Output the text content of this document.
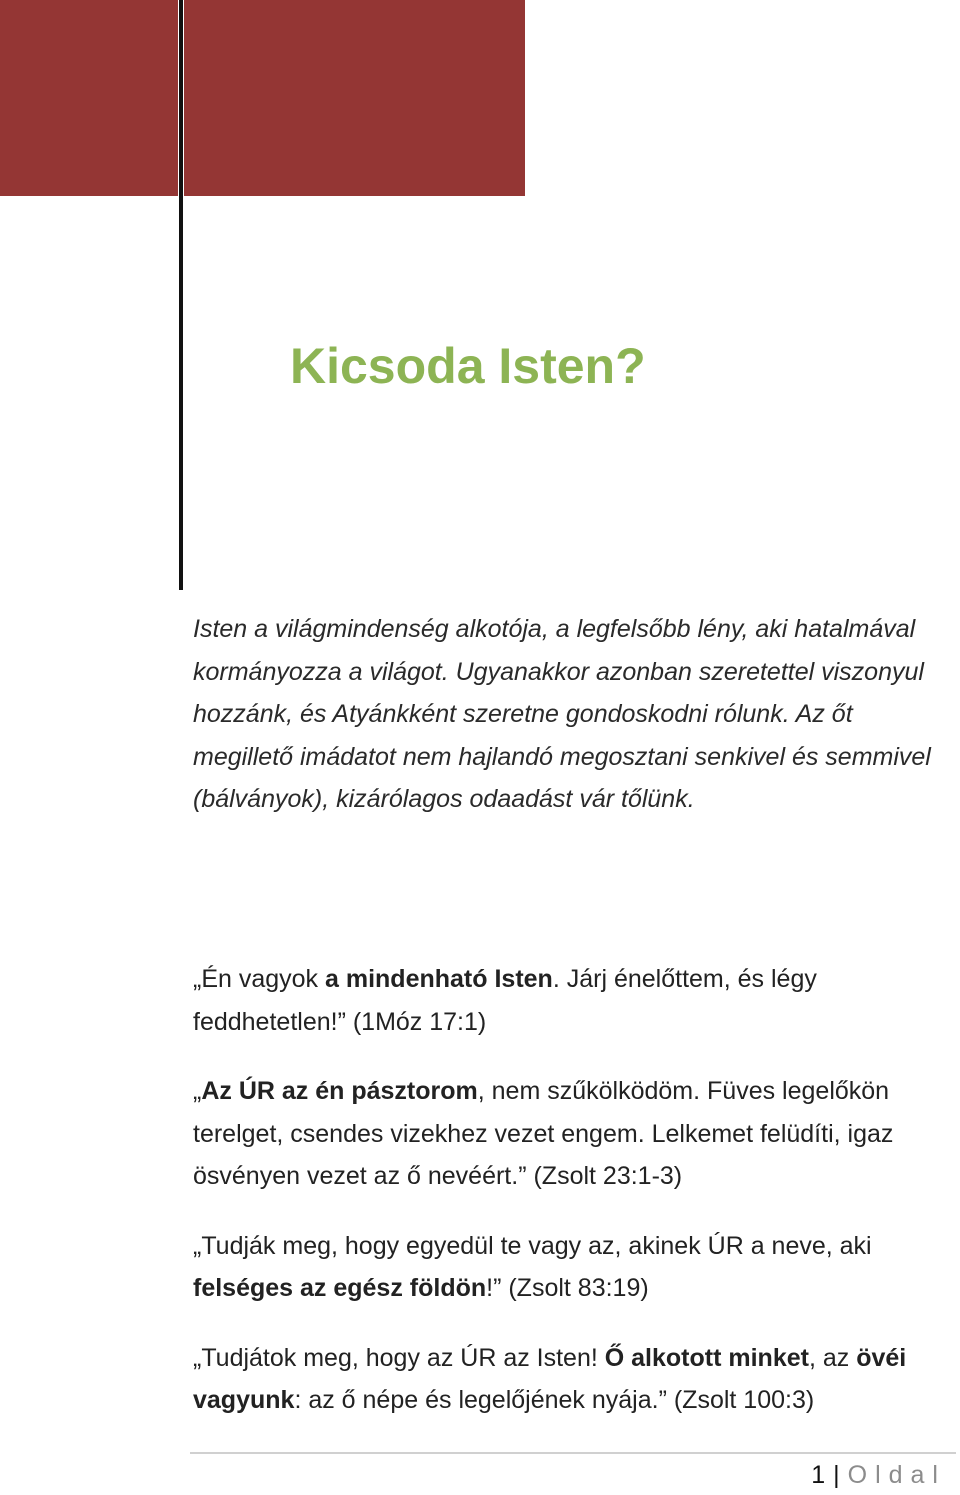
Kicsoda Isten?

Isten a világmindenség alkotója, a legfelsőbb lény, aki hatalmával kormányozza a világot. Ugyanakkor azonban szeretettel viszonyul hozzánk, és Atyánkként szeretne gondoskodni rólunk. Az őt megillető imádatot nem hajlandó megosztani senkivel és semmivel (bálványok), kizárólagos odaadást vár tőlünk.

„Én vagyok a mindenható Isten. Járj énelőttem, és légy feddhetetlen!” (1Móz 17:1)

„Az ÚR az én pásztorom, nem szűkölködöm. Füves legelőkön terelget, csendes vizekhez vezet engem. Lelkemet felüdíti, igaz ösvényen vezet az ő nevéért.” (Zsolt 23:1-3)

„Tudják meg, hogy egyedül te vagy az, akinek ÚR a neve, aki felséges az egész földön!” (Zsolt 83:19)

„Tudjátok meg, hogy az ÚR az Isten! Ő alkotott minket, az övéi vagyunk: az ő népe és legelőjének nyája.” (Zsolt 100:3)

1 | Oldal
